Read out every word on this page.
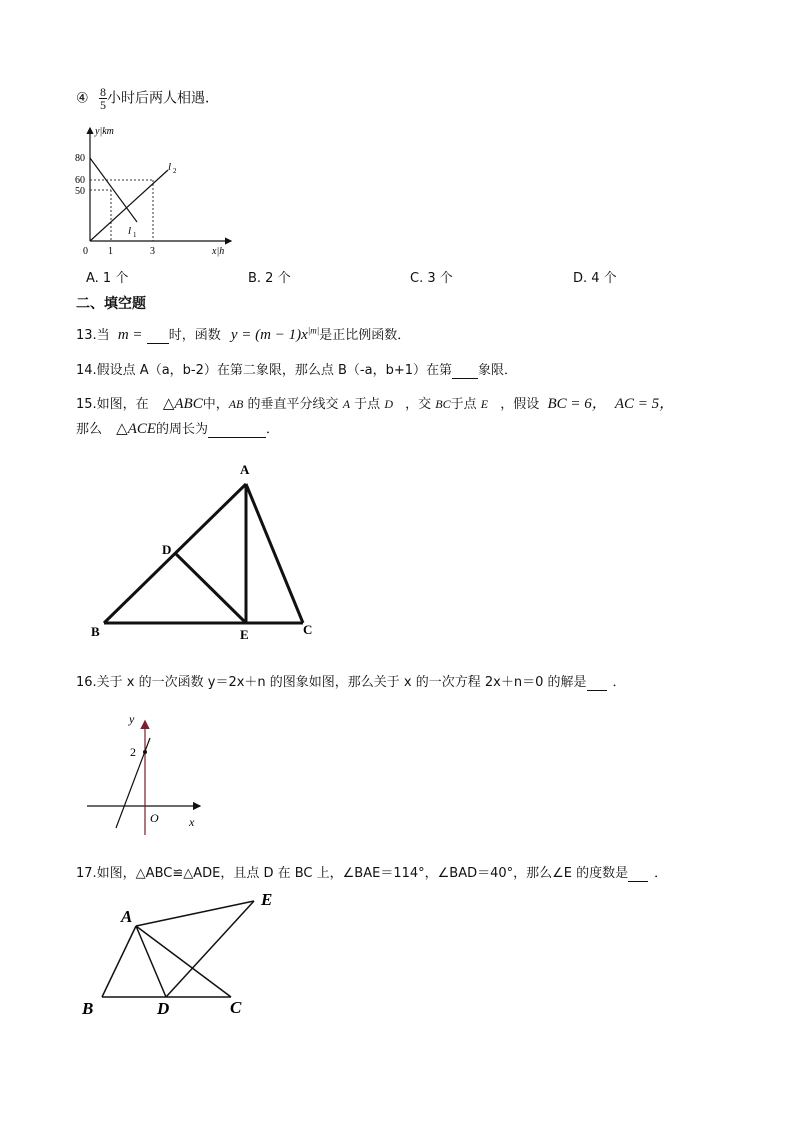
④ $\frac{8}{5}$ 小时后两人相遇．
y|km
x|h
80
60
50
0 1	3
l 1
l 2
A. 1 个	B. 2 个	C. 3 个	D. 4 个
二、填空题
13.当 m = 时，函数 $y = (m - 1)x^{|m|}$是正比例函数．
14.假设点 A（a，b-2）在第二象限，那么点 B（-a，b+1）在第 象限．
15.如图，在 △ABC中，AB 的垂直平分线交 A 于点 D ，交 BC于点 E ，假设 BC = 6， AC = 5，
那么 △ACE的周长为	．
A
B	C
D
E
16.关于 x 的一次函数 y＝2x＋n 的图象如图，那么关于 x 的一次方程 2x＋n＝0 的解是 ．
y
x
O
2
17.如图，△ABC≌△ADE，且点 D 在 BC 上，∠BAE＝114°，∠BAD＝40°，那么∠E 的度数是 ．
A
B	C
D
E
